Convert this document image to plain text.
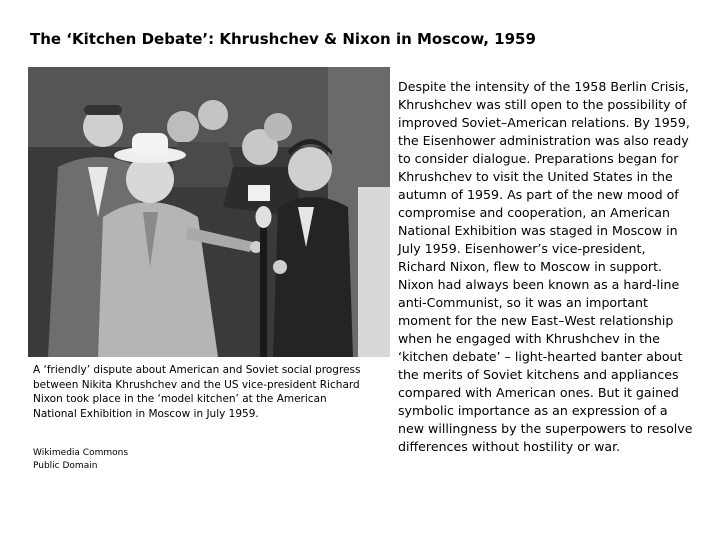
The ‘Kitchen Debate’: Khrushchev & Nixon in Moscow, 1959
A ‘friendly’ dispute about American and Soviet social progress between Nikita Khrushchev and the US vice-president Richard Nixon took place in the ‘model kitchen’ at the American National Exhibition in Moscow in July 1959.
Wikimedia Commons
Public Domain

Despite the intensity of the 1958 Berlin Crisis, Khrushchev was still open to the possibility of improved Soviet–American relations. By 1959, the Eisenhower administration was also ready to consider dialogue. Preparations began for Khrushchev to visit the United States in the autumn of 1959. As part of the new mood of compromise and cooperation, an American National Exhibition was staged in Moscow in July 1959. Eisenhower’s vice-president, Richard Nixon, flew to Moscow in support.

Nixon had always been known as a hard-line anti-Communist, so it was an important moment for the new East–West relationship when he engaged with Khrushchev in the ‘kitchen debate’ – light-hearted banter about the merits of Soviet kitchens and appliances compared with American ones. But it gained symbolic importance as an expression of a new willingness by the superpowers to resolve differences without hostility or war.
